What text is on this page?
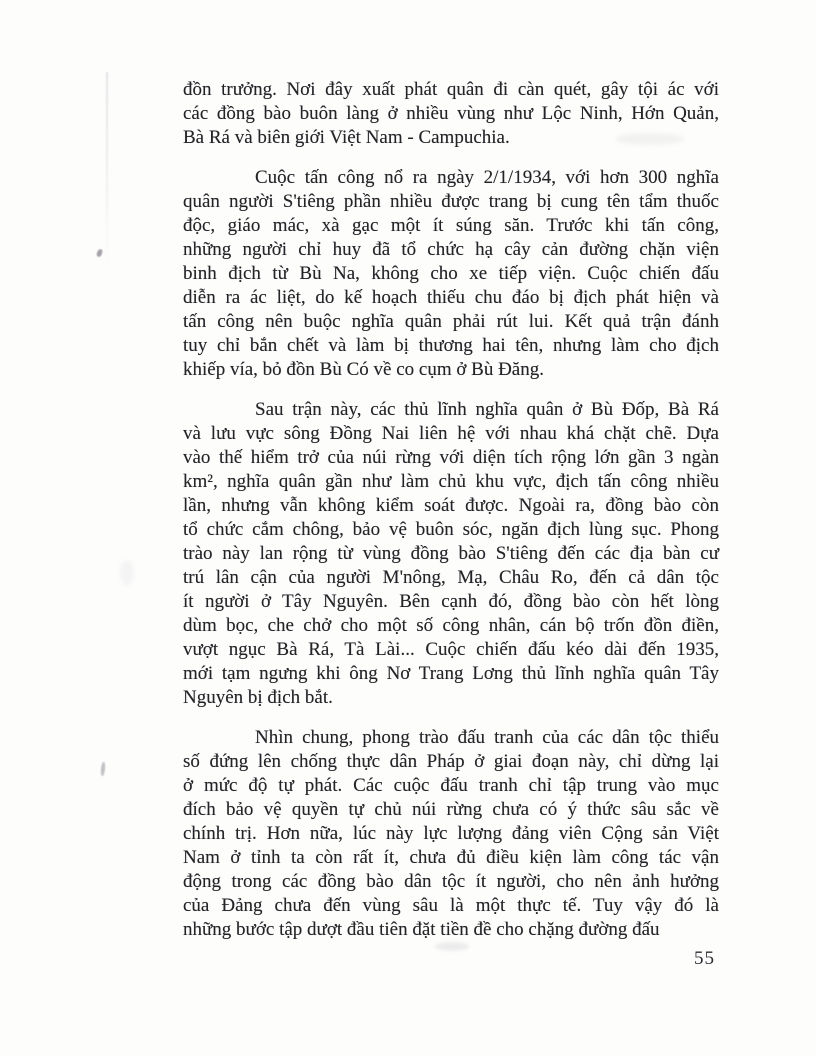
đồn trưởng. Nơi đây xuất phát quân đi càn quét, gây tội ác với
các đồng bào buôn làng ở nhiều vùng như Lộc Ninh, Hớn Quản,
Bà Rá và biên giới Việt Nam - Campuchia.
Cuộc tấn công nổ ra ngày 2/1/1934, với hơn 300 nghĩa
quân người S'tiêng phần nhiều được trang bị cung tên tẩm thuốc
độc, giáo mác, xà gạc một ít súng săn. Trước khi tấn công,
những người chỉ huy đã tổ chức hạ cây cản đường chặn viện
binh địch từ Bù Na, không cho xe tiếp viện. Cuộc chiến đấu
diễn ra ác liệt, do kế hoạch thiếu chu đáo bị địch phát hiện và
tấn công nên buộc nghĩa quân phải rút lui. Kết quả trận đánh
tuy chỉ bắn chết và làm bị thương hai tên, nhưng làm cho địch
khiếp vía, bỏ đồn Bù Có về co cụm ở Bù Đăng.
Sau trận này, các thủ lĩnh nghĩa quân ở Bù Đốp, Bà Rá
và lưu vực sông Đồng Nai liên hệ với nhau khá chặt chẽ. Dựa
vào thế hiểm trở của núi rừng với diện tích rộng lớn gần 3 ngàn
km², nghĩa quân gần như làm chủ khu vực, địch tấn công nhiều
lần, nhưng vẫn không kiểm soát được. Ngoài ra, đồng bào còn
tổ chức cắm chông, bảo vệ buôn sóc, ngăn địch lùng sục. Phong
trào này lan rộng từ vùng đồng bào S'tiêng đến các địa bàn cư
trú lân cận của người M'nông, Mạ, Châu Ro, đến cả dân tộc
ít người ở Tây Nguyên. Bên cạnh đó, đồng bào còn hết lòng
dùm bọc, che chở cho một số công nhân, cán bộ trốn đồn điền,
vượt ngục Bà Rá, Tà Lài... Cuộc chiến đấu kéo dài đến 1935,
mới tạm ngưng khi ông Nơ Trang Lơng thủ lĩnh nghĩa quân Tây
Nguyên bị địch bắt.
Nhìn chung, phong trào đấu tranh của các dân tộc thiểu
số đứng lên chống thực dân Pháp ở giai đoạn này, chỉ dừng lại
ở mức độ tự phát. Các cuộc đấu tranh chỉ tập trung vào mục
đích bảo vệ quyền tự chủ núi rừng chưa có ý thức sâu sắc về
chính trị. Hơn nữa, lúc này lực lượng đảng viên Cộng sản Việt
Nam ở tỉnh ta còn rất ít, chưa đủ điều kiện làm công tác vận
động trong các đồng bào dân tộc ít người, cho nên ảnh hưởng
của Đảng chưa đến vùng sâu là một thực tế. Tuy vậy đó là
những bước tập dượt đầu tiên đặt tiền đề cho chặng đường đấu
55
